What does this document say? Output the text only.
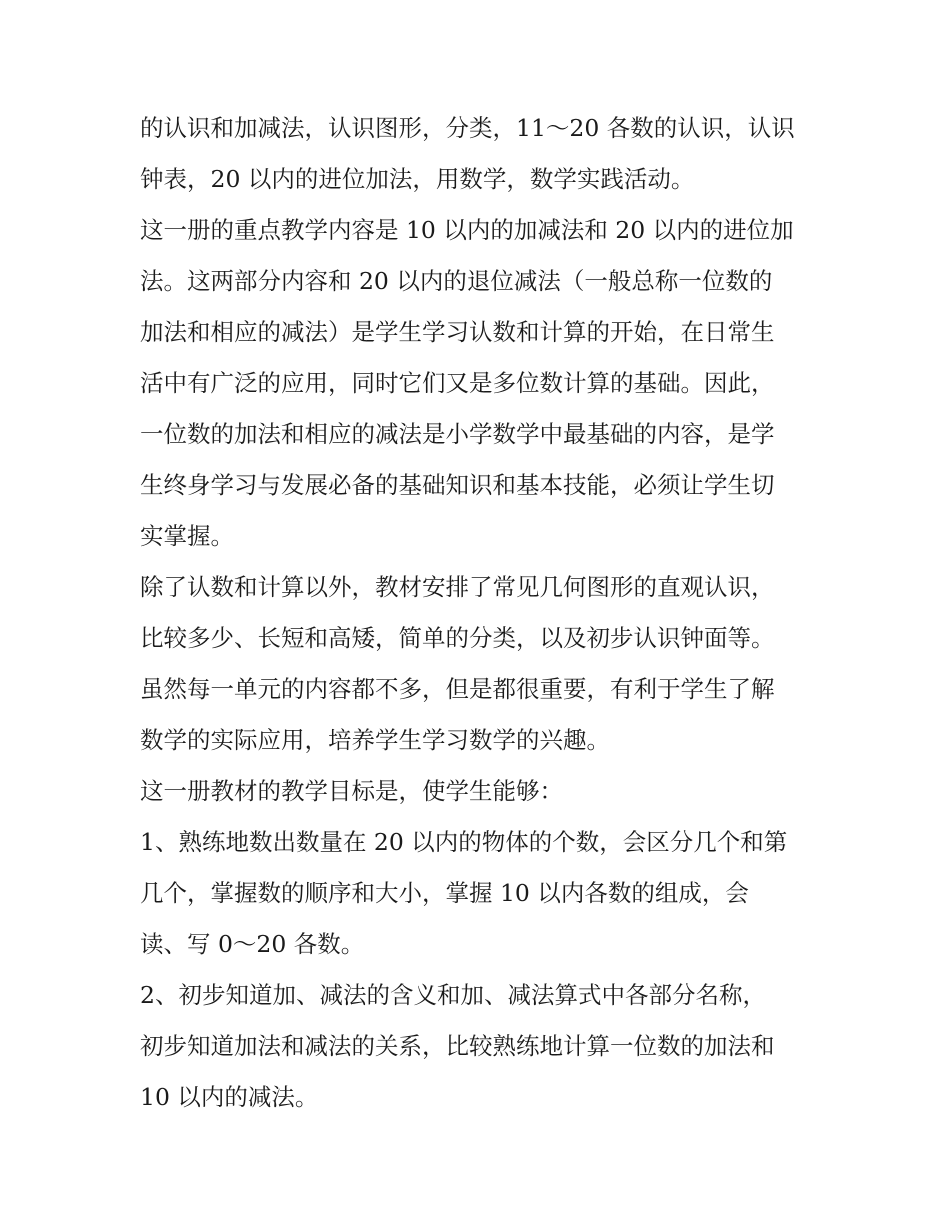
的认识和加减法，认识图形，分类，11～20 各数的认识，认识
钟表，20 以内的进位加法，用数学，数学实践活动。
这一册的重点教学内容是 10 以内的加减法和 20 以内的进位加
法。这两部分内容和 20 以内的退位减法（一般总称一位数的
加法和相应的减法）是学生学习认数和计算的开始，在日常生
活中有广泛的应用，同时它们又是多位数计算的基础。因此，
一位数的加法和相应的减法是小学数学中最基础的内容，是学
生终身学习与发展必备的基础知识和基本技能，必须让学生切
实掌握。
除了认数和计算以外，教材安排了常见几何图形的直观认识，
比较多少、长短和高矮，简单的分类，以及初步认识钟面等。
虽然每一单元的内容都不多，但是都很重要，有利于学生了解
数学的实际应用，培养学生学习数学的兴趣。
这一册教材的教学目标是，使学生能够：
1、熟练地数出数量在 20 以内的物体的个数，会区分几个和第
几个，掌握数的顺序和大小，掌握 10 以内各数的组成，会
读、写 0～20 各数。
2、初步知道加、减法的含义和加、减法算式中各部分名称，
初步知道加法和减法的关系，比较熟练地计算一位数的加法和
10 以内的减法。
